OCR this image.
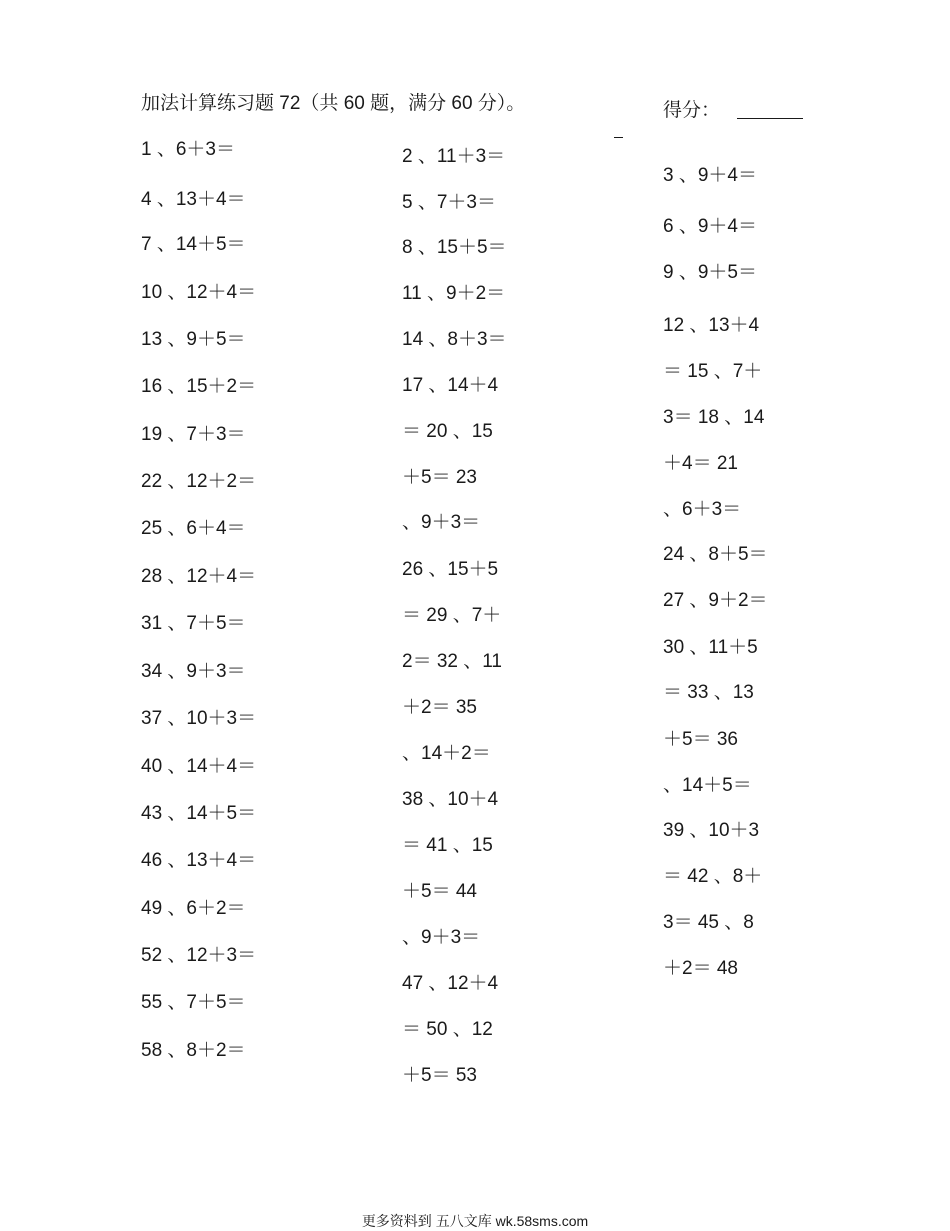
加法计算练习题 72（共 60 题，满分 60 分）。	得分：
1 、6＋3＝
4 、13＋4＝
7 、14＋5＝
10 、12＋4＝
13 、9＋5＝
16 、15＋2＝
19 、7＋3＝
22 、12＋2＝
25 、6＋4＝
28 、12＋4＝
31 、7＋5＝
34 、9＋3＝
37 、10＋3＝
40 、14＋4＝
43 、14＋5＝
46 、13＋4＝
49 、6＋2＝
52 、12＋3＝
55 、7＋5＝
58 、8＋2＝
2 、11＋3＝
5 、7＋3＝
8 、15＋5＝
11 、9＋2＝
14 、8＋3＝
17 、14＋4
＝ 20 、15
＋5＝ 23
、9＋3＝
26 、15＋5
＝ 29 、7＋
2＝ 32 、11
＋2＝ 35
、14＋2＝
38 、10＋4
＝ 41 、15
＋5＝ 44
、9＋3＝
47 、12＋4
＝ 50 、12
＋5＝ 53
3 、9＋4＝
6 、9＋4＝
9 、9＋5＝
12 、13＋4
＝ 15 、7＋
3＝ 18 、14
＋4＝ 21
、6＋3＝
24 、8＋5＝
27 、9＋2＝
30 、11＋5
＝ 33 、13
＋5＝ 36
、14＋5＝
39 、10＋3
＝ 42 、8＋
3＝ 45 、8
＋2＝ 48
更多资料到 五八文库 wk.58sms.com
